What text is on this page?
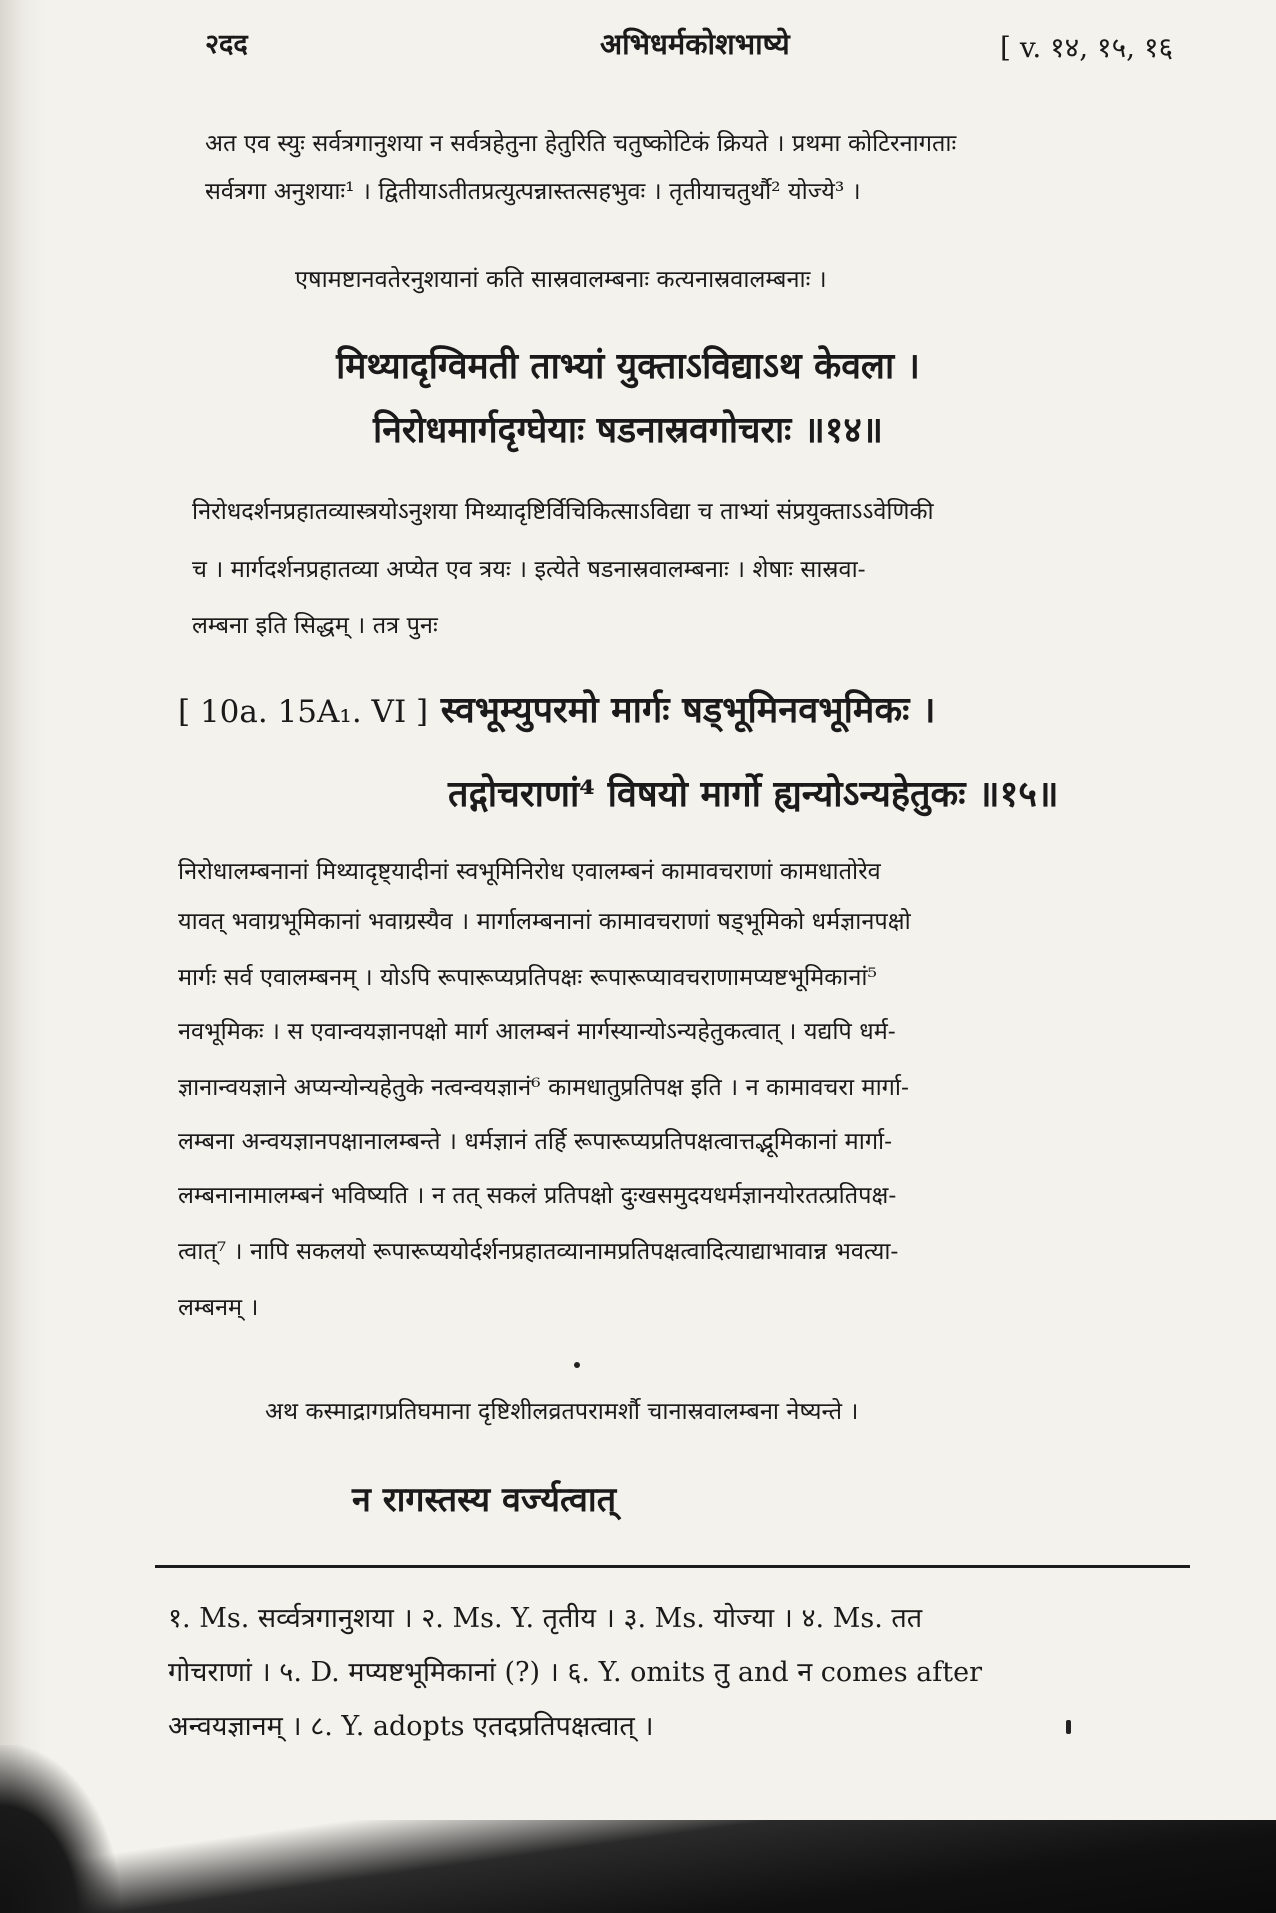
२दद	अभिधर्मकोशभाष्ये	[ v. १४, १५, १६
अत एव स्युः सर्वत्रगानुशया न सर्वत्रहेतुना हेतुरिति चतुष्कोटिकं क्रियते । प्रथमा कोटिरनागताः
सर्वत्रगा अनुशयाः¹ । द्वितीयाऽतीतप्रत्युत्पन्नास्तत्सहभुवः । तृतीयाचतुर्थौ² योज्ये³ ।
एषामष्टानवतेरनुशयानां कति सास्रवालम्बनाः कत्यनास्रवालम्बनाः ।
मिथ्यादृग्विमती ताभ्यां युक्ताऽविद्याऽथ केवला ।
निरोधमार्गदृग्घेयाः षडनास्रवगोचराः ॥१४॥
निरोधदर्शनप्रहातव्यास्त्रयोऽनुशया मिथ्यादृष्टिर्विचिकित्साऽविद्या च ताभ्यां संप्रयुक्ताऽऽवेणिकी
च । मार्गदर्शनप्रहातव्या अप्येत एव त्रयः । इत्येते षडनास्रवालम्बनाः । शेषाः सास्रवा-
लम्बना इति सिद्धम् । तत्र पुनः
[ 10a. 15A₁. VI ] स्वभूम्युपरमो मार्गः षड्भूमिनवभूमिकः ।
तद्गोचराणां⁴ विषयो मार्गो ह्यन्योऽन्यहेतुकः ॥१५॥
निरोधालम्बनानां मिथ्यादृष्ट्यादीनां स्वभूमिनिरोध एवालम्बनं कामावचराणां कामधातोरेव
यावत् भवाग्रभूमिकानां भवाग्रस्यैव । मार्गालम्बनानां कामावचराणां षड्भूमिको धर्मज्ञानपक्षो
मार्गः सर्व एवालम्बनम् । योऽपि रूपारूप्यप्रतिपक्षः रूपारूप्यावचराणामप्यष्टभूमिकानां⁵
नवभूमिकः । स एवान्वयज्ञानपक्षो मार्ग आलम्बनं मार्गस्यान्योऽन्यहेतुकत्वात् । यद्यपि धर्म-
ज्ञानान्वयज्ञाने अप्यन्योन्यहेतुके नत्वन्वयज्ञानं⁶ कामधातुप्रतिपक्ष इति । न कामावचरा मार्गा-
लम्बना अन्वयज्ञानपक्षानालम्बन्ते । धर्मज्ञानं तर्हि रूपारूप्यप्रतिपक्षत्वात्तद्भूमिकानां मार्गा-
लम्बनानामालम्बनं भविष्यति । न तत् सकलं प्रतिपक्षो दुःखसमुदयधर्मज्ञानयोरतत्प्रतिपक्ष-
त्वात्⁷ । नापि सकलयो रूपारूप्ययोर्दर्शनप्रहातव्यानामप्रतिपक्षत्वादित्याद्याभावान्न भवत्या-
लम्बनम् ।
अथ कस्माद्रागप्रतिघमाना दृष्टिशीलव्रतपरामर्शौ चानास्रवालम्बना नेष्यन्ते ।
न रागस्तस्य वर्ज्यत्वात्
१. Ms. सर्व्वत्रगानुशया । २. Ms. Y. तृतीय । ३. Ms. योज्या । ४. Ms. तत
गोचराणां । ५. D. मप्यष्टभूमिकानां (?) । ६. Y. omits तु and न comes after
अन्वयज्ञानम् । ८. Y. adopts एतदप्रतिपक्षत्वात् ।
